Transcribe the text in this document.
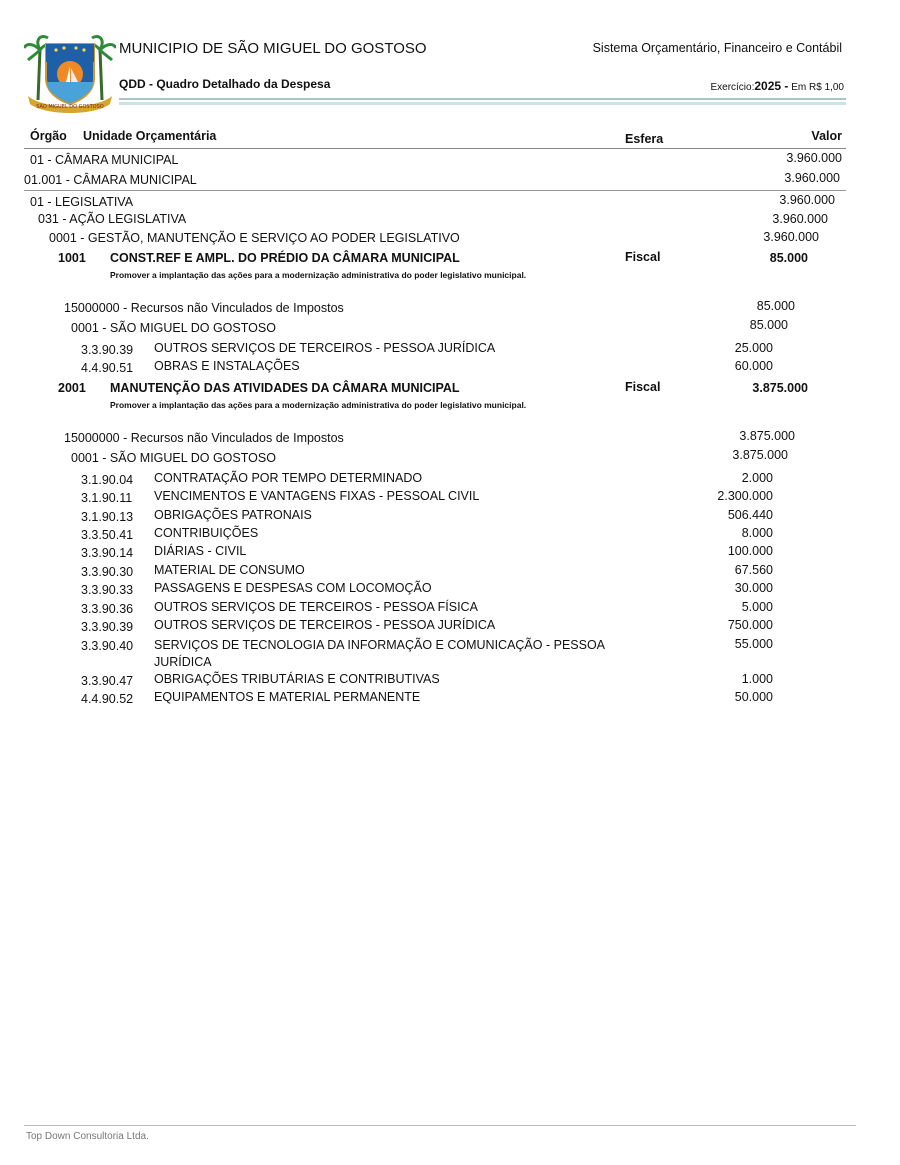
SÃO MIGUEL DO GOSTOSO
MUNICIPIO DE SÃO MIGUEL DO GOSTOSO	Sistema Orçamentário, Financeiro e Contábil
QDD - Quadro Detalhado da Despesa	Exercício:2025 - Em R$ 1,00
Órgão Unidade Orçamentária	Esfera	Valor
01 - CÂMARA MUNICIPAL	3.960.000
01.001 - CÂMARA MUNICIPAL	3.960.000
01 - LEGISLATIVA	3.960.000
031 - AÇÃO LEGISLATIVA	3.960.000
0001 - GESTÃO, MANUTENÇÃO E SERVIÇO AO PODER LEGISLATIVO	3.960.000
1001 CONST.REF E AMPL. DO PRÉDIO DA CÂMARA MUNICIPAL	Fiscal	85.000
Promover a implantação das ações para a modernização administrativa do poder legislativo municipal.
15000000 - Recursos não Vinculados de Impostos	85.000
0001 - SÃO MIGUEL DO GOSTOSO	85.000
3.3.90.39 OUTROS SERVIÇOS DE TERCEIROS - PESSOA JURÍDICA	25.000
4.4.90.51 OBRAS E INSTALAÇÕES	60.000
2001 MANUTENÇÃO DAS ATIVIDADES DA CÂMARA MUNICIPAL	Fiscal	3.875.000
Promover a implantação das ações para a modernização administrativa do poder legislativo municipal.
15000000 - Recursos não Vinculados de Impostos	3.875.000
0001 - SÃO MIGUEL DO GOSTOSO	3.875.000
3.1.90.04 CONTRATAÇÃO POR TEMPO DETERMINADO	2.000
3.1.90.11 VENCIMENTOS E VANTAGENS FIXAS - PESSOAL CIVIL	2.300.000
3.1.90.13 OBRIGAÇÕES PATRONAIS	506.440
3.3.50.41 CONTRIBUIÇÕES	8.000
3.3.90.14 DIÁRIAS - CIVIL	100.000
3.3.90.30 MATERIAL DE CONSUMO	67.560
3.3.90.33 PASSAGENS E DESPESAS COM LOCOMOÇÃO	30.000
3.3.90.36 OUTROS SERVIÇOS DE TERCEIROS - PESSOA FÍSICA	5.000
3.3.90.39 OUTROS SERVIÇOS DE TERCEIROS - PESSOA JURÍDICA	750.000
3.3.90.40 SERVIÇOS DE TECNOLOGIA DA INFORMAÇÃO E COMUNICAÇÃO - PESSOA JURÍDICA
55.000
3.3.90.47 OBRIGAÇÕES TRIBUTÁRIAS E CONTRIBUTIVAS	1.000
4.4.90.52 EQUIPAMENTOS E MATERIAL PERMANENTE	50.000
Top Down Consultoria Ltda.
